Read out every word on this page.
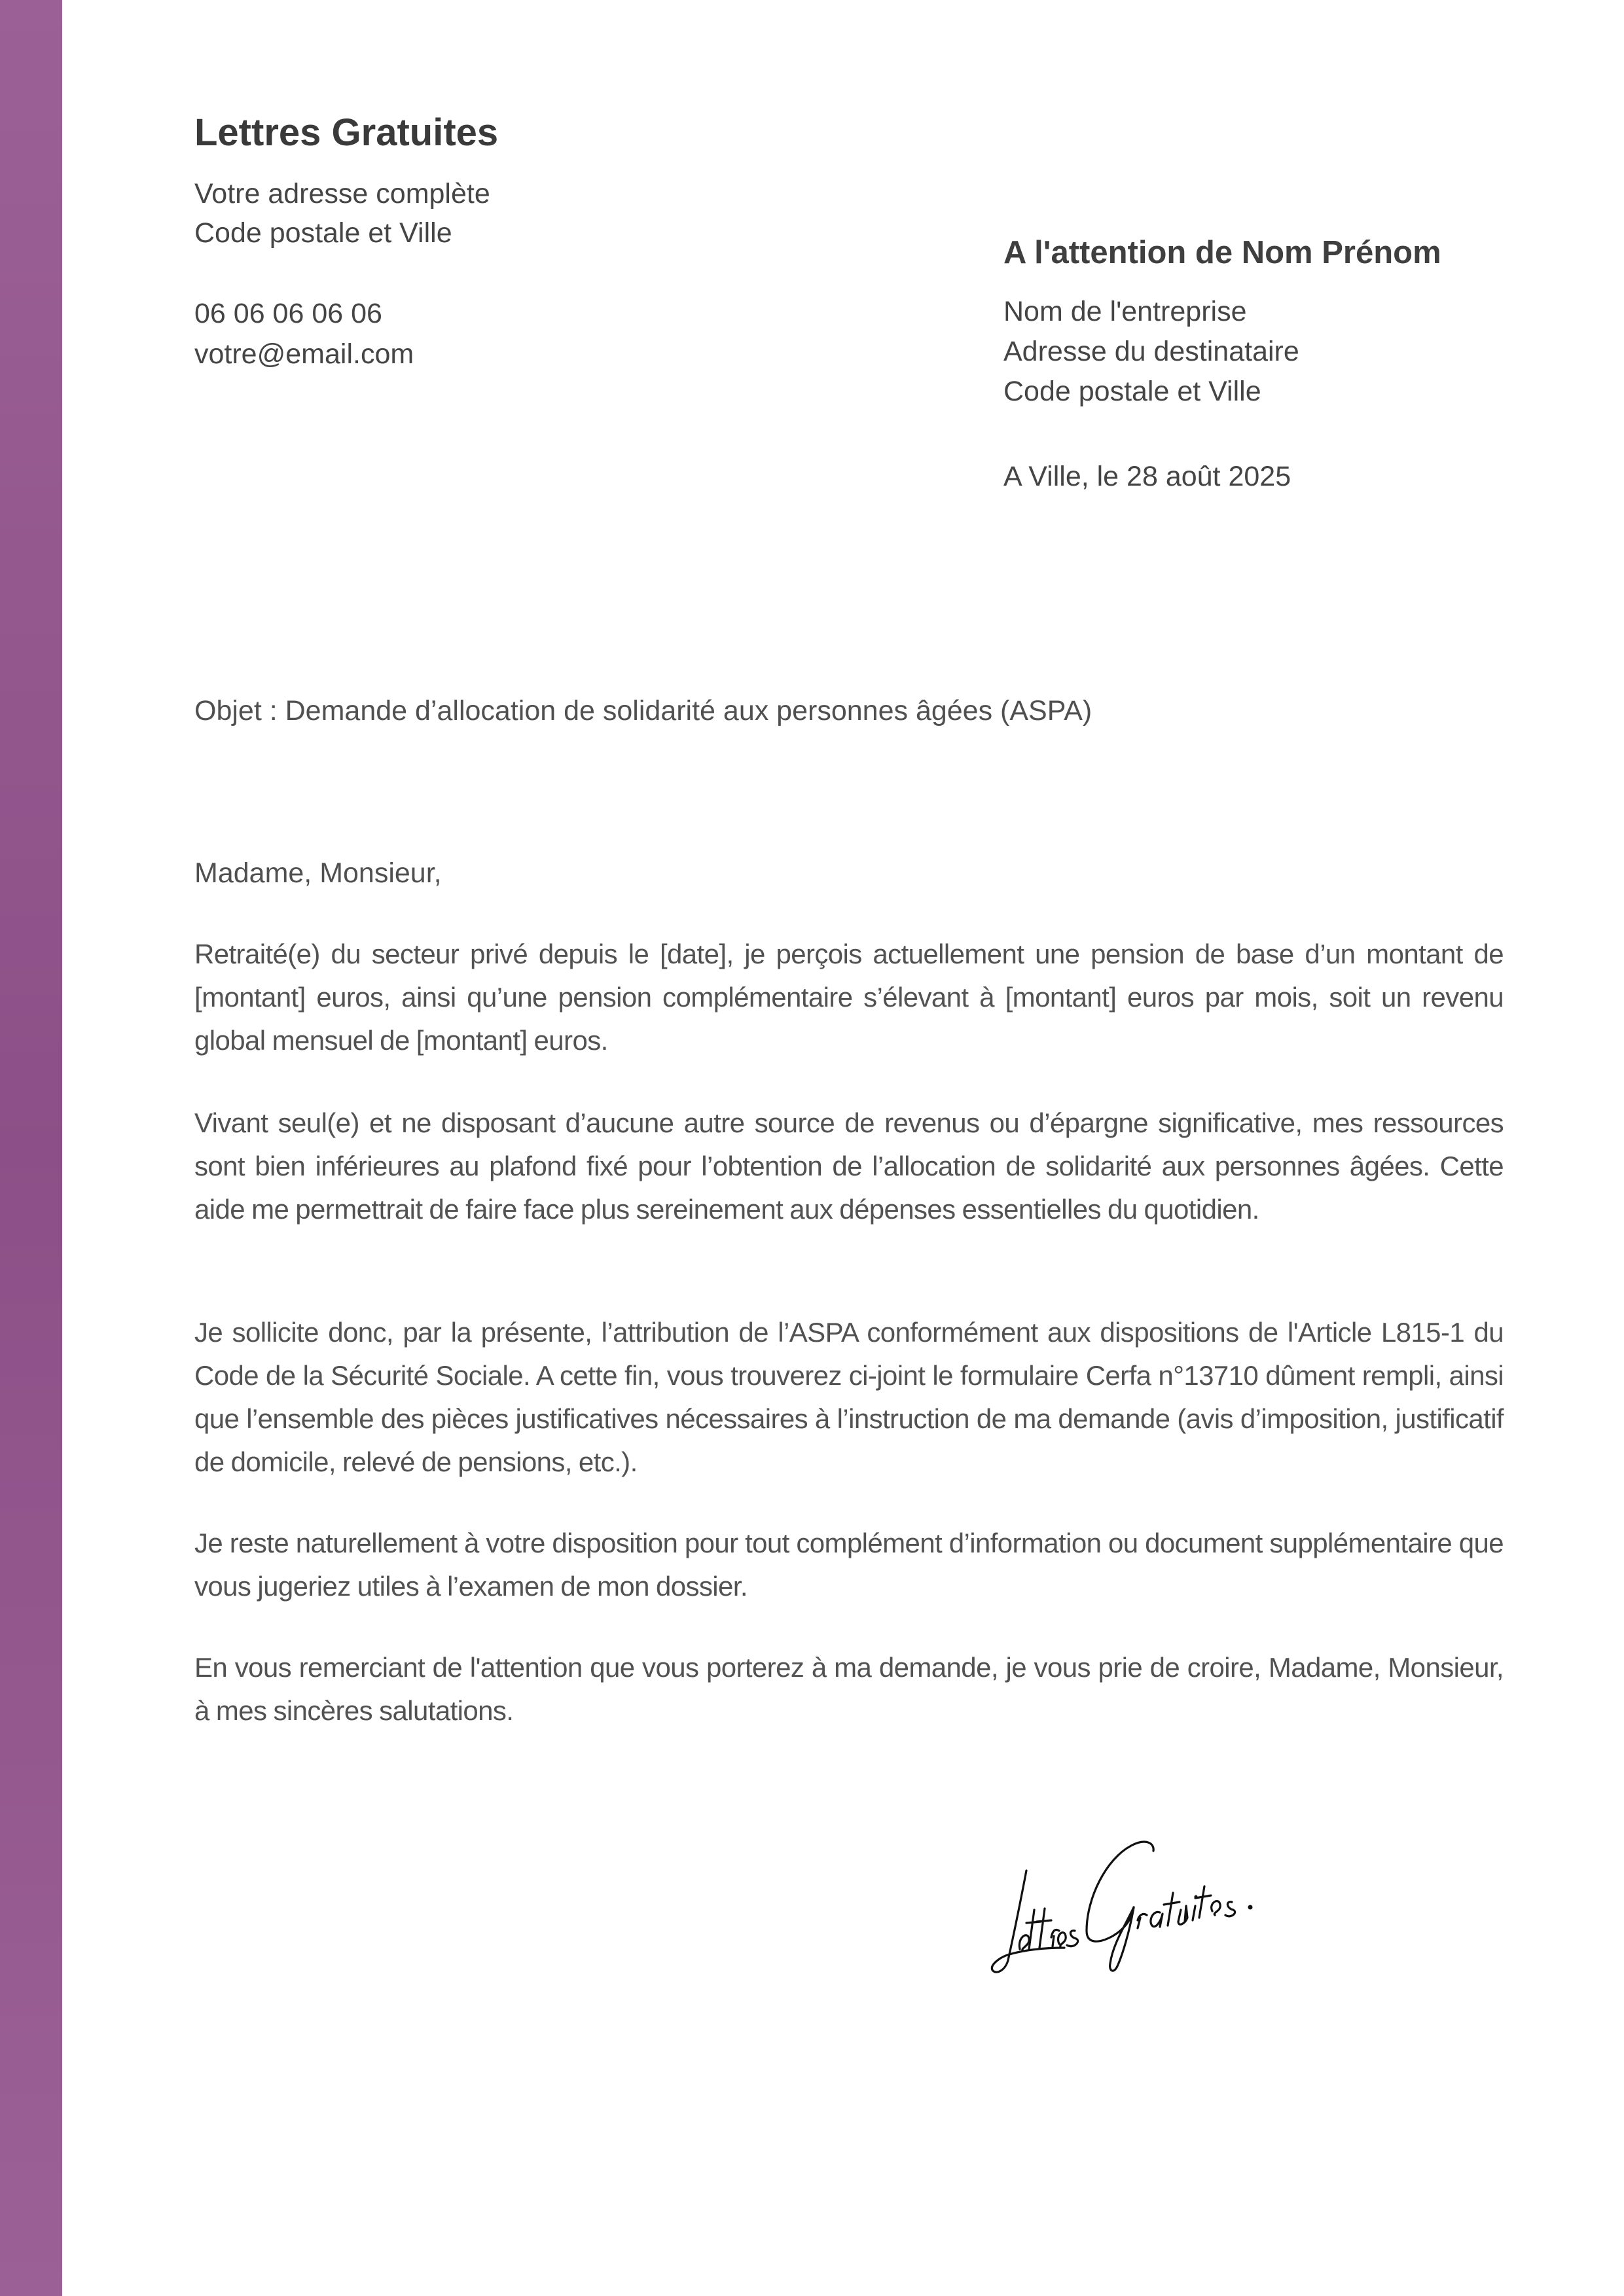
Lettres Gratuites
Votre adresse complète
Code postale et Ville
06 06 06 06 06
votre@email.com
A l'attention de Nom Prénom
Nom de l'entreprise
Adresse du destinataire
Code postale et Ville
A Ville, le 28 août 2025
Objet : Demande d’allocation de solidarité aux personnes âgées (ASPA)
Madame, Monsieur,

Retraité(e) du secteur privé depuis le [date], je perçois actuellement une pension de base d’un montant de [montant] euros, ainsi qu’une pension complémentaire s’élevant à [montant] euros par mois, soit un revenu global mensuel de [montant] euros.

Vivant seul(e) et ne disposant d’aucune autre source de revenus ou d’épargne significative, mes ressources sont bien inférieures au plafond fixé pour l’obtention de l’allocation de solidarité aux personnes âgées. Cette aide me permettrait de faire face plus sereinement aux dépenses essentielles du quotidien.

Je sollicite donc, par la présente, l’attribution de l’ASPA conformément aux dispositions de l'Article L815-1 du Code de la Sécurité Sociale. A cette fin, vous trouverez ci-joint le formulaire Cerfa n°13710 dûment rempli, ainsi que l’ensemble des pièces justificatives nécessaires à l’instruction de ma demande (avis d’imposition, justificatif de domicile, relevé de pensions, etc.).

Je reste naturellement à votre disposition pour tout complément d’information ou document supplémentaire que vous jugeriez utiles à l’examen de mon dossier.

En vous remerciant de l'attention que vous porterez à ma demande, je vous prie de croire, Madame, Monsieur, à mes sincères salutations.
